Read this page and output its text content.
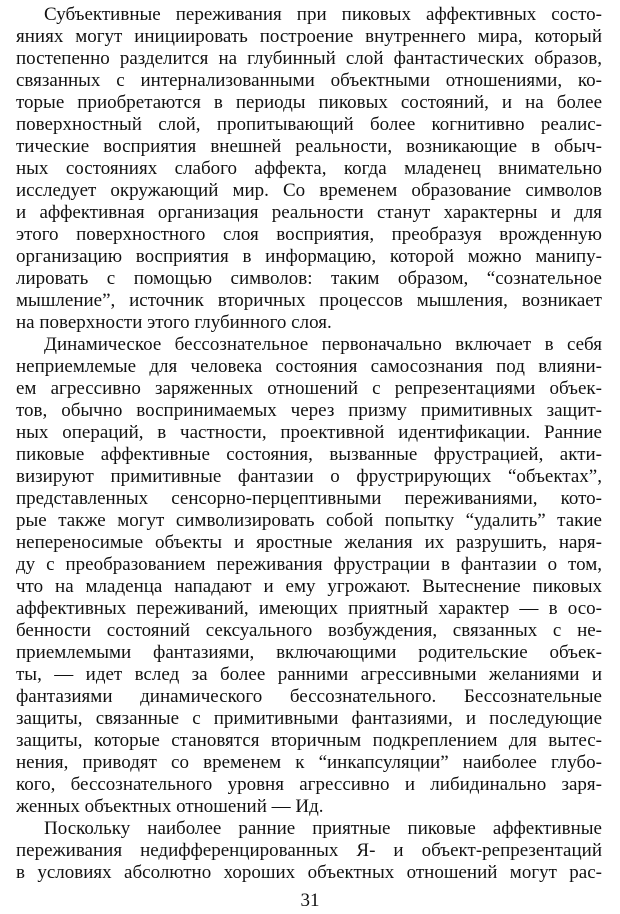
Субъективные переживания при пиковых аффективных состо-
яниях могут инициировать построение внутреннего мира, который
постепенно разделится на глубинный слой фантастических образов,
связанных с интернализованными объектными отношениями, ко-
торые приобретаются в периоды пиковых состояний, и на более
поверхностный слой, пропитывающий более когнитивно реалис-
тические восприятия внешней реальности, возникающие в обыч-
ных состояниях слабого аффекта, когда младенец внимательно
исследует окружающий мир. Со временем образование символов
и аффективная организация реальности станут характерны и для
этого поверхностного слоя восприятия, преобразуя врожденную
организацию восприятия в информацию, которой можно манипу-
лировать с помощью символов: таким образом, “сознательное
мышление”, источник вторичных процессов мышления, возникает
на поверхности этого глубинного слоя.
Динамическое бессознательное первоначально включает в себя
неприемлемые для человека состояния самосознания под влияни-
ем агрессивно заряженных отношений с репрезентациями объек-
тов, обычно воспринимаемых через призму примитивных защит-
ных операций, в частности, проективной идентификации. Ранние
пиковые аффективные состояния, вызванные фрустрацией, акти-
визируют примитивные фантазии о фрустрирующих “объектах”,
представленных сенсорно-перцептивными переживаниями, кото-
рые также могут символизировать собой попытку “удалить” такие
непереносимые объекты и яростные желания их разрушить, наря-
ду с преобразованием переживания фрустрации в фантазии о том,
что на младенца нападают и ему угрожают. Вытеснение пиковых
аффективных переживаний, имеющих приятный характер — в осо-
бенности состояний сексуального возбуждения, связанных с не-
приемлемыми фантазиями, включающими родительские объек-
ты, — идет вслед за более ранними агрессивными желаниями и
фантазиями динамического бессознательного. Бессознательные
защиты, связанные с примитивными фантазиями, и последующие
защиты, которые становятся вторичным подкреплением для вытес-
нения, приводят со временем к “инкапсуляции” наиболее глубо-
кого, бессознательного уровня агрессивно и либидинально заря-
женных объектных отношений — Ид.
Поскольку наиболее ранние приятные пиковые аффективные
переживания недифференцированных Я- и объект-репрезентаций
в условиях абсолютно хороших объектных отношений могут рас-
31
